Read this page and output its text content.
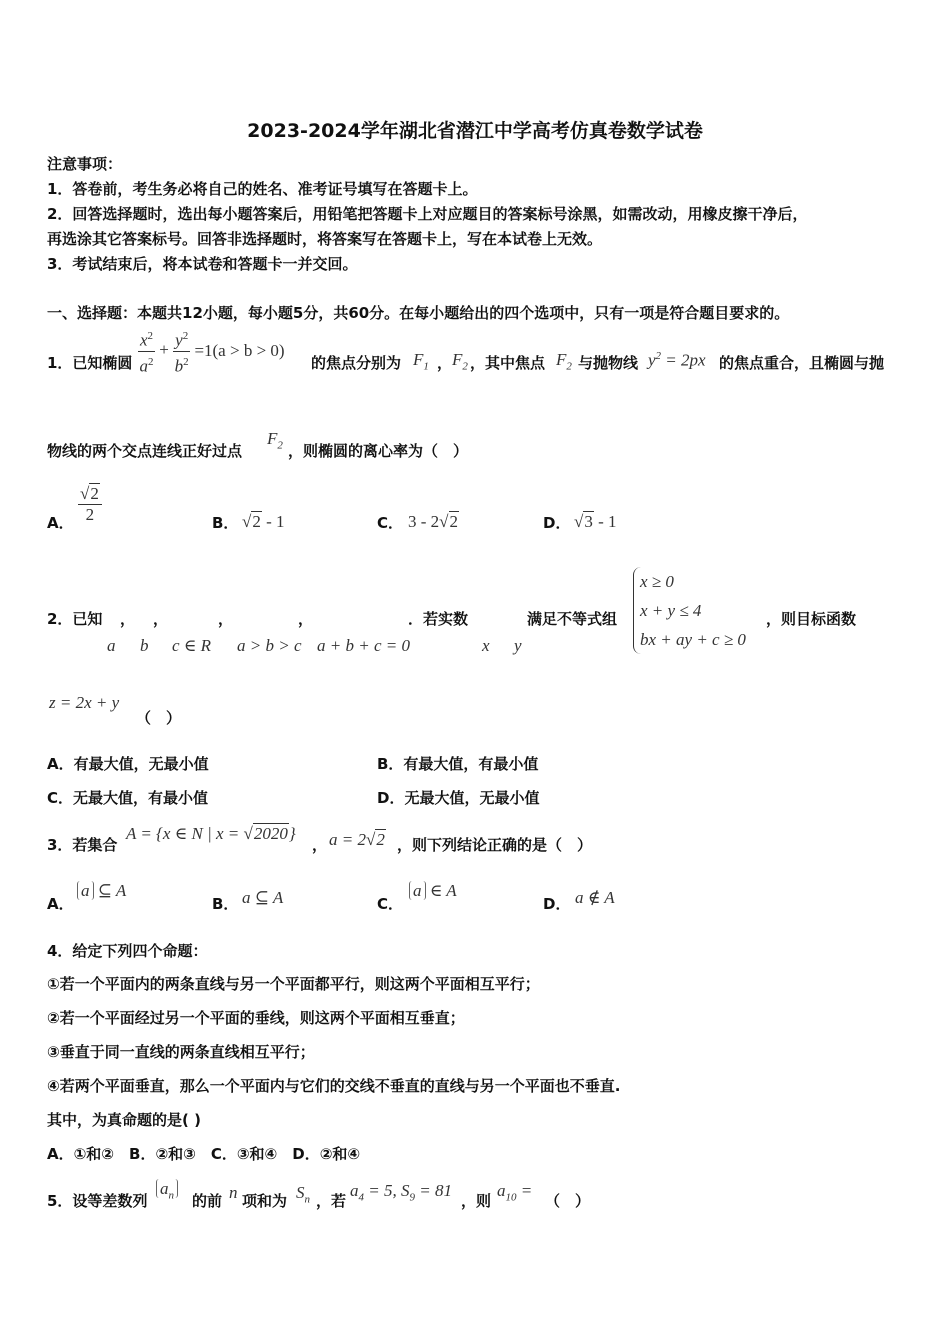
2023-2024学年湖北省潜江中学高考仿真卷数学试卷
注意事项：
1．答卷前，考生务必将自己的姓名、准考证号填写在答题卡上。
2．回答选择题时，选出每小题答案后，用铅笔把答题卡上对应题目的答案标号涂黑，如需改动，用橡皮擦干净后，
再选涂其它答案标号。回答非选择题时，将答案写在答题卡上，写在本试卷上无效。
3．考试结束后，将本试卷和答题卡一并交回。
一、选择题：本题共12小题，每小题5分，共60分。在每小题给出的四个选项中，只有一项是符合题目要求的。
1．已知椭圆 $\frac{x^2}{a^2} + \frac{y^2}{b^2} =1(a > b > 0)$
的焦点分别为 $F_1$ ， $F_2$ ，其中焦点 $F_2$ 与抛物线 $y^2 = 2px$ 的焦点重合，且椭圆与抛
物线的两个交点连线正好过点
$F_2$ ，则椭圆的离心率为（　）
A． $\frac{√2}{2}$	B． √2 - 1	C． 3 - 2√2	D． √3 - 1
2．已知 ， ，	，	，	．若实数	满足不等式组
a b c ∈ R a > b > c a + b + c = 0	x y
x ≥ 0
x + y ≤ 4
bx + ay + c ≥ 0
，则目标函数
z = 2x + y
（　）
A．有最大值，无最小值	B．有最大值，有最小值
C．无最大值，有最小值	D．无最大值，无最小值
3．若集合
A = {x ∈ N | x = √2020}
， a = 2√2 ，则下列结论正确的是（　）
A．
a ⊆ A
B． a ⊆ A	C．
a ∈ A
D． a ∉ A
4．给定下列四个命题：
①若一个平面内的两条直线与另一个平面都平行，则这两个平面相互平行；
②若一个平面经过另一个平面的垂线，则这两个平面相互垂直；
③垂直于同一直线的两条直线相互平行；
④若两个平面垂直，那么一个平面内与它们的交线不垂直的直线与另一个平面也不垂直.
其中，为真命题的是( )
A．①和②　B．②和③　C．③和④　D．②和④
5．设等差数列
$a_n$ 的前 n 项和为 $S_n$ ，若
$a_4 = 5$, $S_9 = 81$
，则
$a_{10}$ =
（　）
